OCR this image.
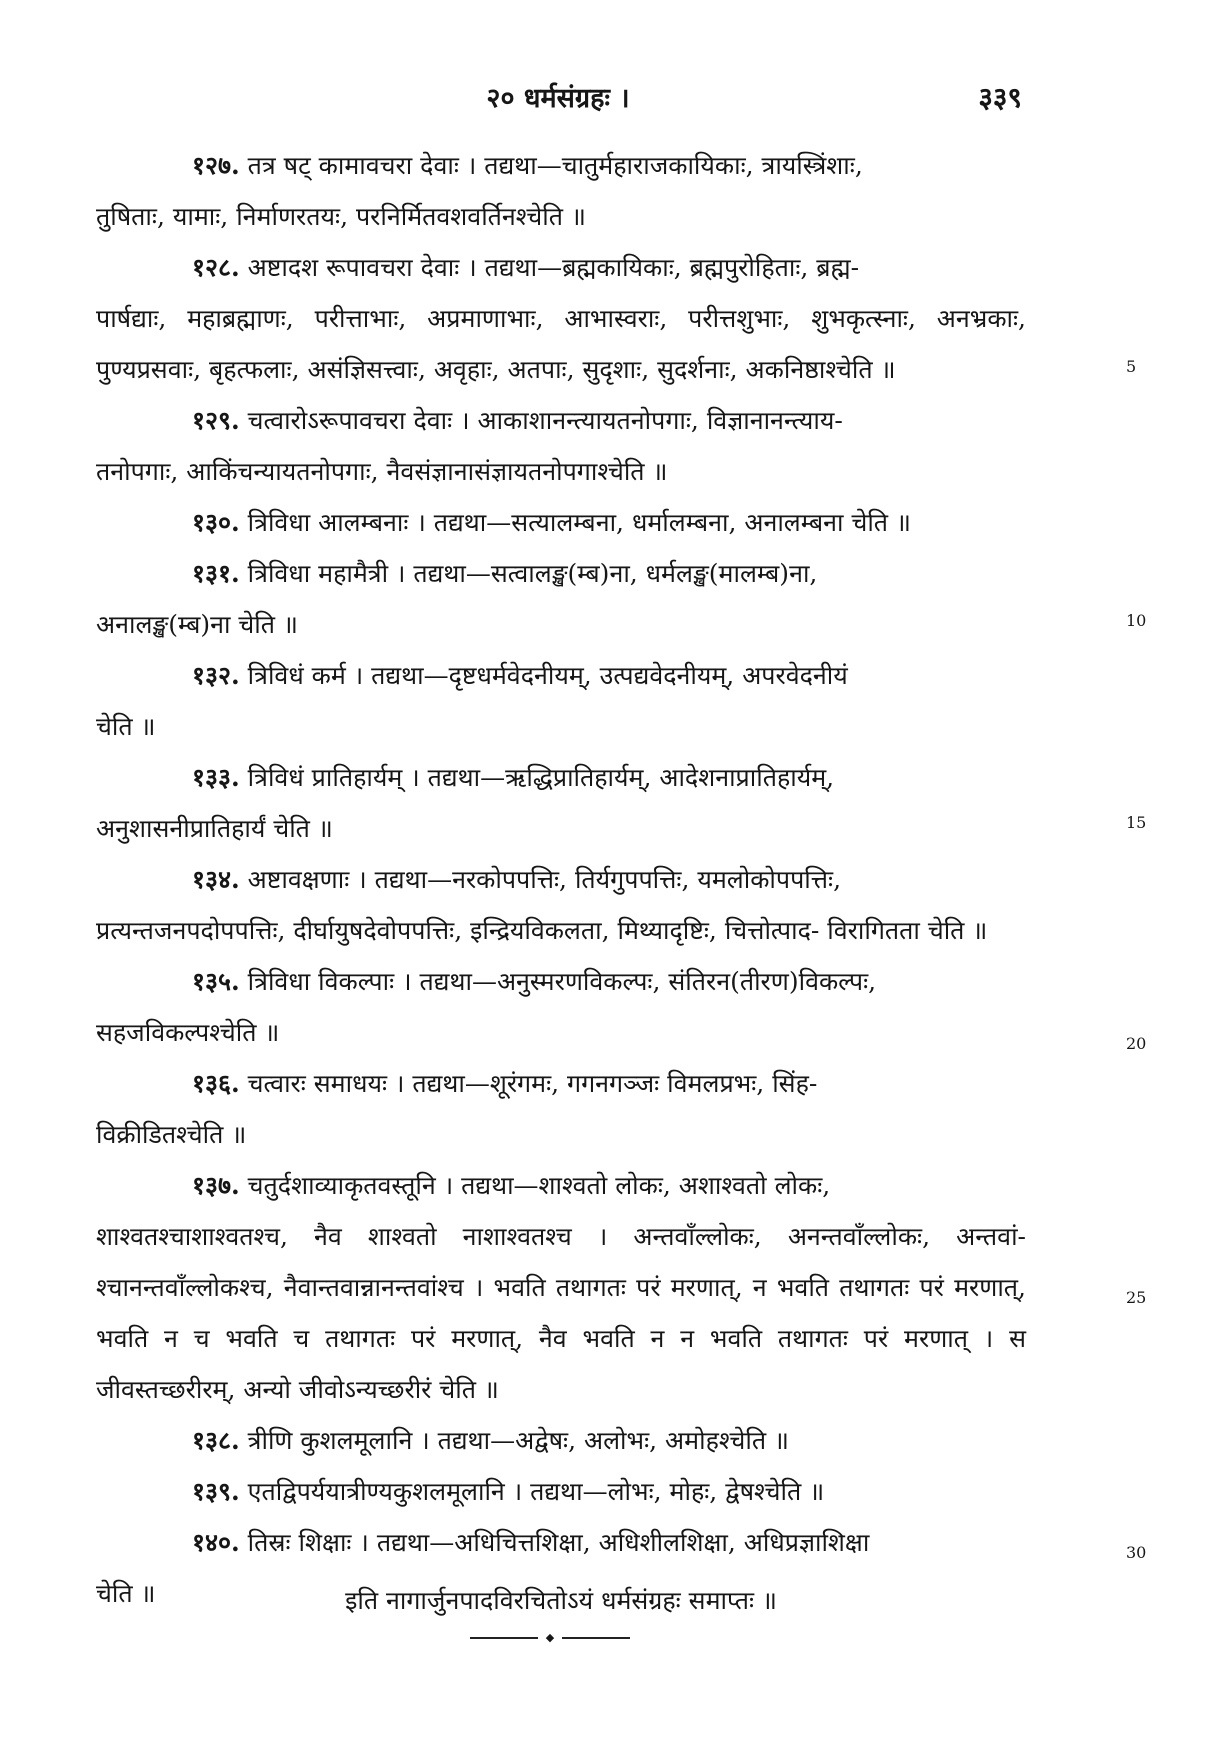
२० धर्मसंग्रहः ।	३३९

१२७. तत्र षट् कामावचरा देवाः । तद्यथा—चातुर्महाराजकायिकाः, त्रायस्त्रिंशाः,
तुषिताः, यामाः, निर्माणरतयः, परनिर्मितवशवर्तिनश्चेति ॥

१२८. अष्टादश रूपावचरा देवाः । तद्यथा—ब्रह्मकायिकाः, ब्रह्मपुरोहिताः, ब्रह्म-
पार्षद्याः, महाब्रह्माणः, परीत्ताभाः, अप्रमाणाभाः, आभास्वराः, परीत्तशुभाः, शुभकृत्स्नाः, अनभ्रकाः, पुण्यप्रसवाः, बृहत्फलाः, असंज्ञिसत्त्वाः, अवृहाः, अतपाः, सुदृशाः, सुदर्शनाः, अकनिष्ठाश्चेति ॥

१२९. चत्वारोऽरूपावचरा देवाः । आकाशानन्त्यायतनोपगाः, विज्ञानानन्त्याय-
तनोपगाः, आकिंचन्यायतनोपगाः, नैवसंज्ञानासंज्ञायतनोपगाश्चेति ॥

१३०. त्रिविधा आलम्बनाः । तद्यथा—सत्यालम्बना, धर्मालम्बना, अनालम्बना चेति ॥

१३१. त्रिविधा महामैत्री । तद्यथा—सत्वालङ्ख(म्ब)ना, धर्मलङ्ख(मालम्ब)ना,
अनालङ्ख(म्ब)ना चेति ॥

१३२. त्रिविधं कर्म । तद्यथा—दृष्टधर्मवेदनीयम्, उत्पद्यवेदनीयम्, अपरवेदनीयं
चेति ॥

१३३. त्रिविधं प्रातिहार्यम् । तद्यथा—ऋद्धिप्रातिहार्यम्, आदेशनाप्रातिहार्यम्,
अनुशासनीप्रातिहार्यं चेति ॥

१३४. अष्टावक्षणाः । तद्यथा—नरकोपपत्तिः, तिर्यगुपपत्तिः, यमलोकोपपत्तिः,
प्रत्यन्तजनपदोपपत्तिः, दीर्घायुषदेवोपपत्तिः, इन्द्रियविकलता, मिथ्यादृष्टिः, चित्तोत्पाद- विरागितता चेति ॥

१३५. त्रिविधा विकल्पाः । तद्यथा—अनुस्मरणविकल्पः, संतिरन(तीरण)विकल्पः,
सहजविकल्पश्चेति ॥

१३६. चत्वारः समाधयः । तद्यथा—शूरंगमः, गगनगञ्जः विमलप्रभः, सिंह-
विक्रीडितश्चेति ॥

१३७. चतुर्दशाव्याकृतवस्तूनि । तद्यथा—शाश्वतो लोकः, अशाश्वतो लोकः,
शाश्वतश्चाशाश्वतश्च, नैव शाश्वतो नाशाश्वतश्च । अन्तवाँल्लोकः, अनन्तवाँल्लोकः, अन्तवां- श्चानन्तवाँल्लोकश्च, नैवान्तवान्नानन्तवांश्च । भवति तथागतः परं मरणात्, न भवति तथागतः परं मरणात्, भवति न च भवति च तथागतः परं मरणात्, नैव भवति न न भवति तथागतः परं मरणात् । स जीवस्तच्छरीरम्, अन्यो जीवोऽन्यच्छरीरं चेति ॥

१३८. त्रीणि कुशलमूलानि । तद्यथा—अद्वेषः, अलोभः, अमोहश्चेति ॥

१३९. एतद्विपर्ययात्रीण्यकुशलमूलानि । तद्यथा—लोभः, मोहः, द्वेषश्चेति ॥

१४०. तिस्रः शिक्षाः । तद्यथा—अधिचित्तशिक्षा, अधिशीलशिक्षा, अधिप्रज्ञाशिक्षा
चेति ॥

5
10
15
20
25
30
इति नागार्जुनपादविरचितोऽयं धर्मसंग्रहः समाप्तः ॥
◆
